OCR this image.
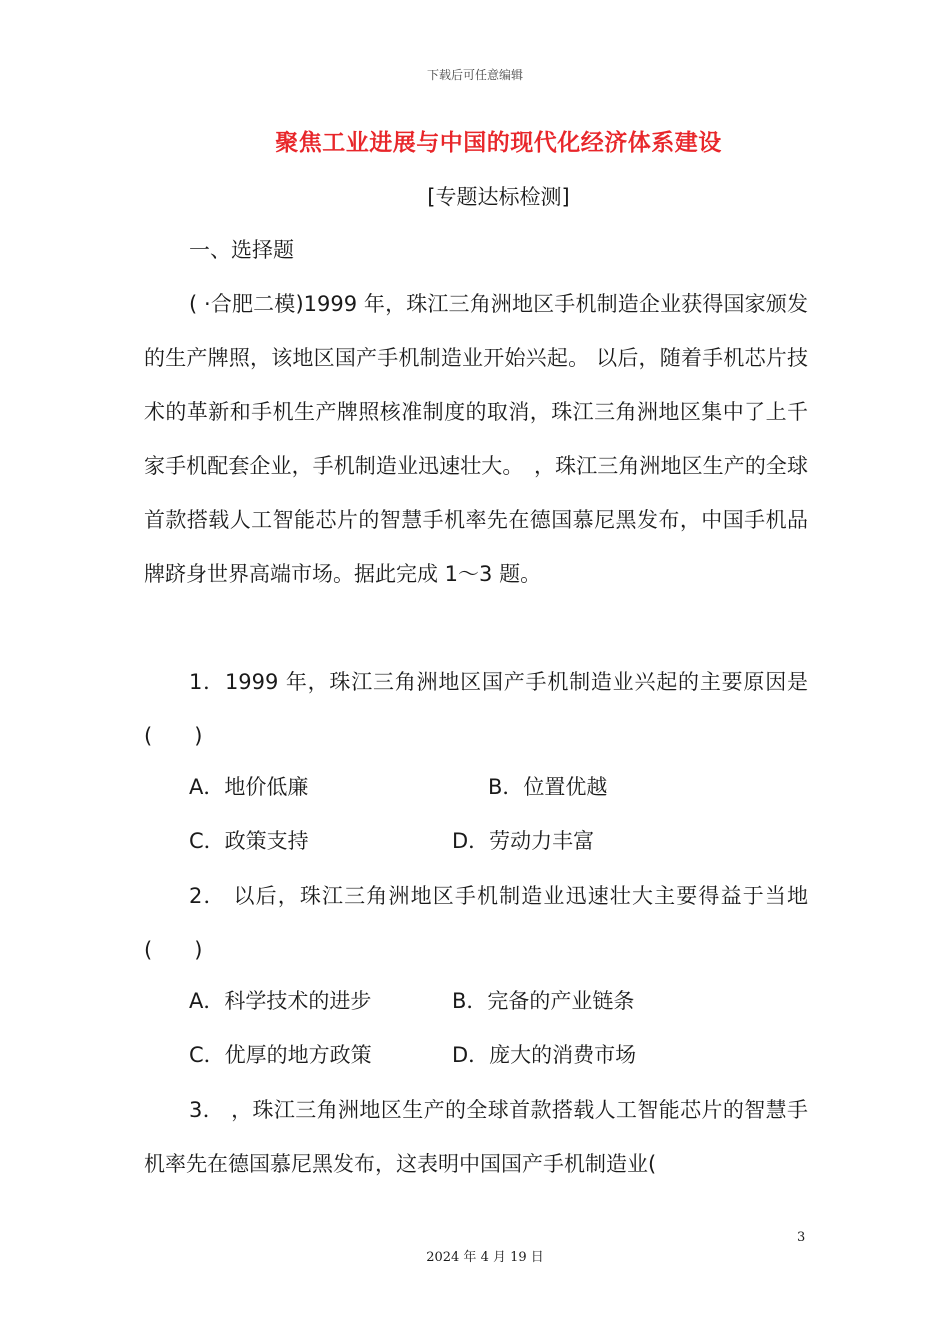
下载后可任意编辑
聚焦工业进展与中国的现代化经济体系建设
[专题达标检测]
一、选择题

( ·合肥二模)1999 年，珠江三角洲地区手机制造企业获得国家颁发的生产牌照，该地区国产手机制造业开始兴起。 以后，随着手机芯片技术的革新和手机生产牌照核准制度的取消，珠江三角洲地区集中了上千家手机配套企业，手机制造业迅速壮大。　，珠江三角洲地区生产的全球首款搭载人工智能芯片的智慧手机率先在德国慕尼黑发布，中国手机品牌跻身世界高端市场。据此完成 1～3 题。

1．1999 年，珠江三角洲地区国产手机制造业兴起的主要原因是(　　)
A．地价低廉	B．位置优越
C．政策支持	D．劳动力丰富
2． 以后，珠江三角洲地区手机制造业迅速壮大主要得益于当地(　　)
A．科学技术的进步	B．完备的产业链条
C．优厚的地方政策	D．庞大的消费市场
3． ，珠江三角洲地区生产的全球首款搭载人工智能芯片的智慧手机率先在德国慕尼黑发布，这表明中国国产手机制造业(
3
2024 年 4 月 19 日
